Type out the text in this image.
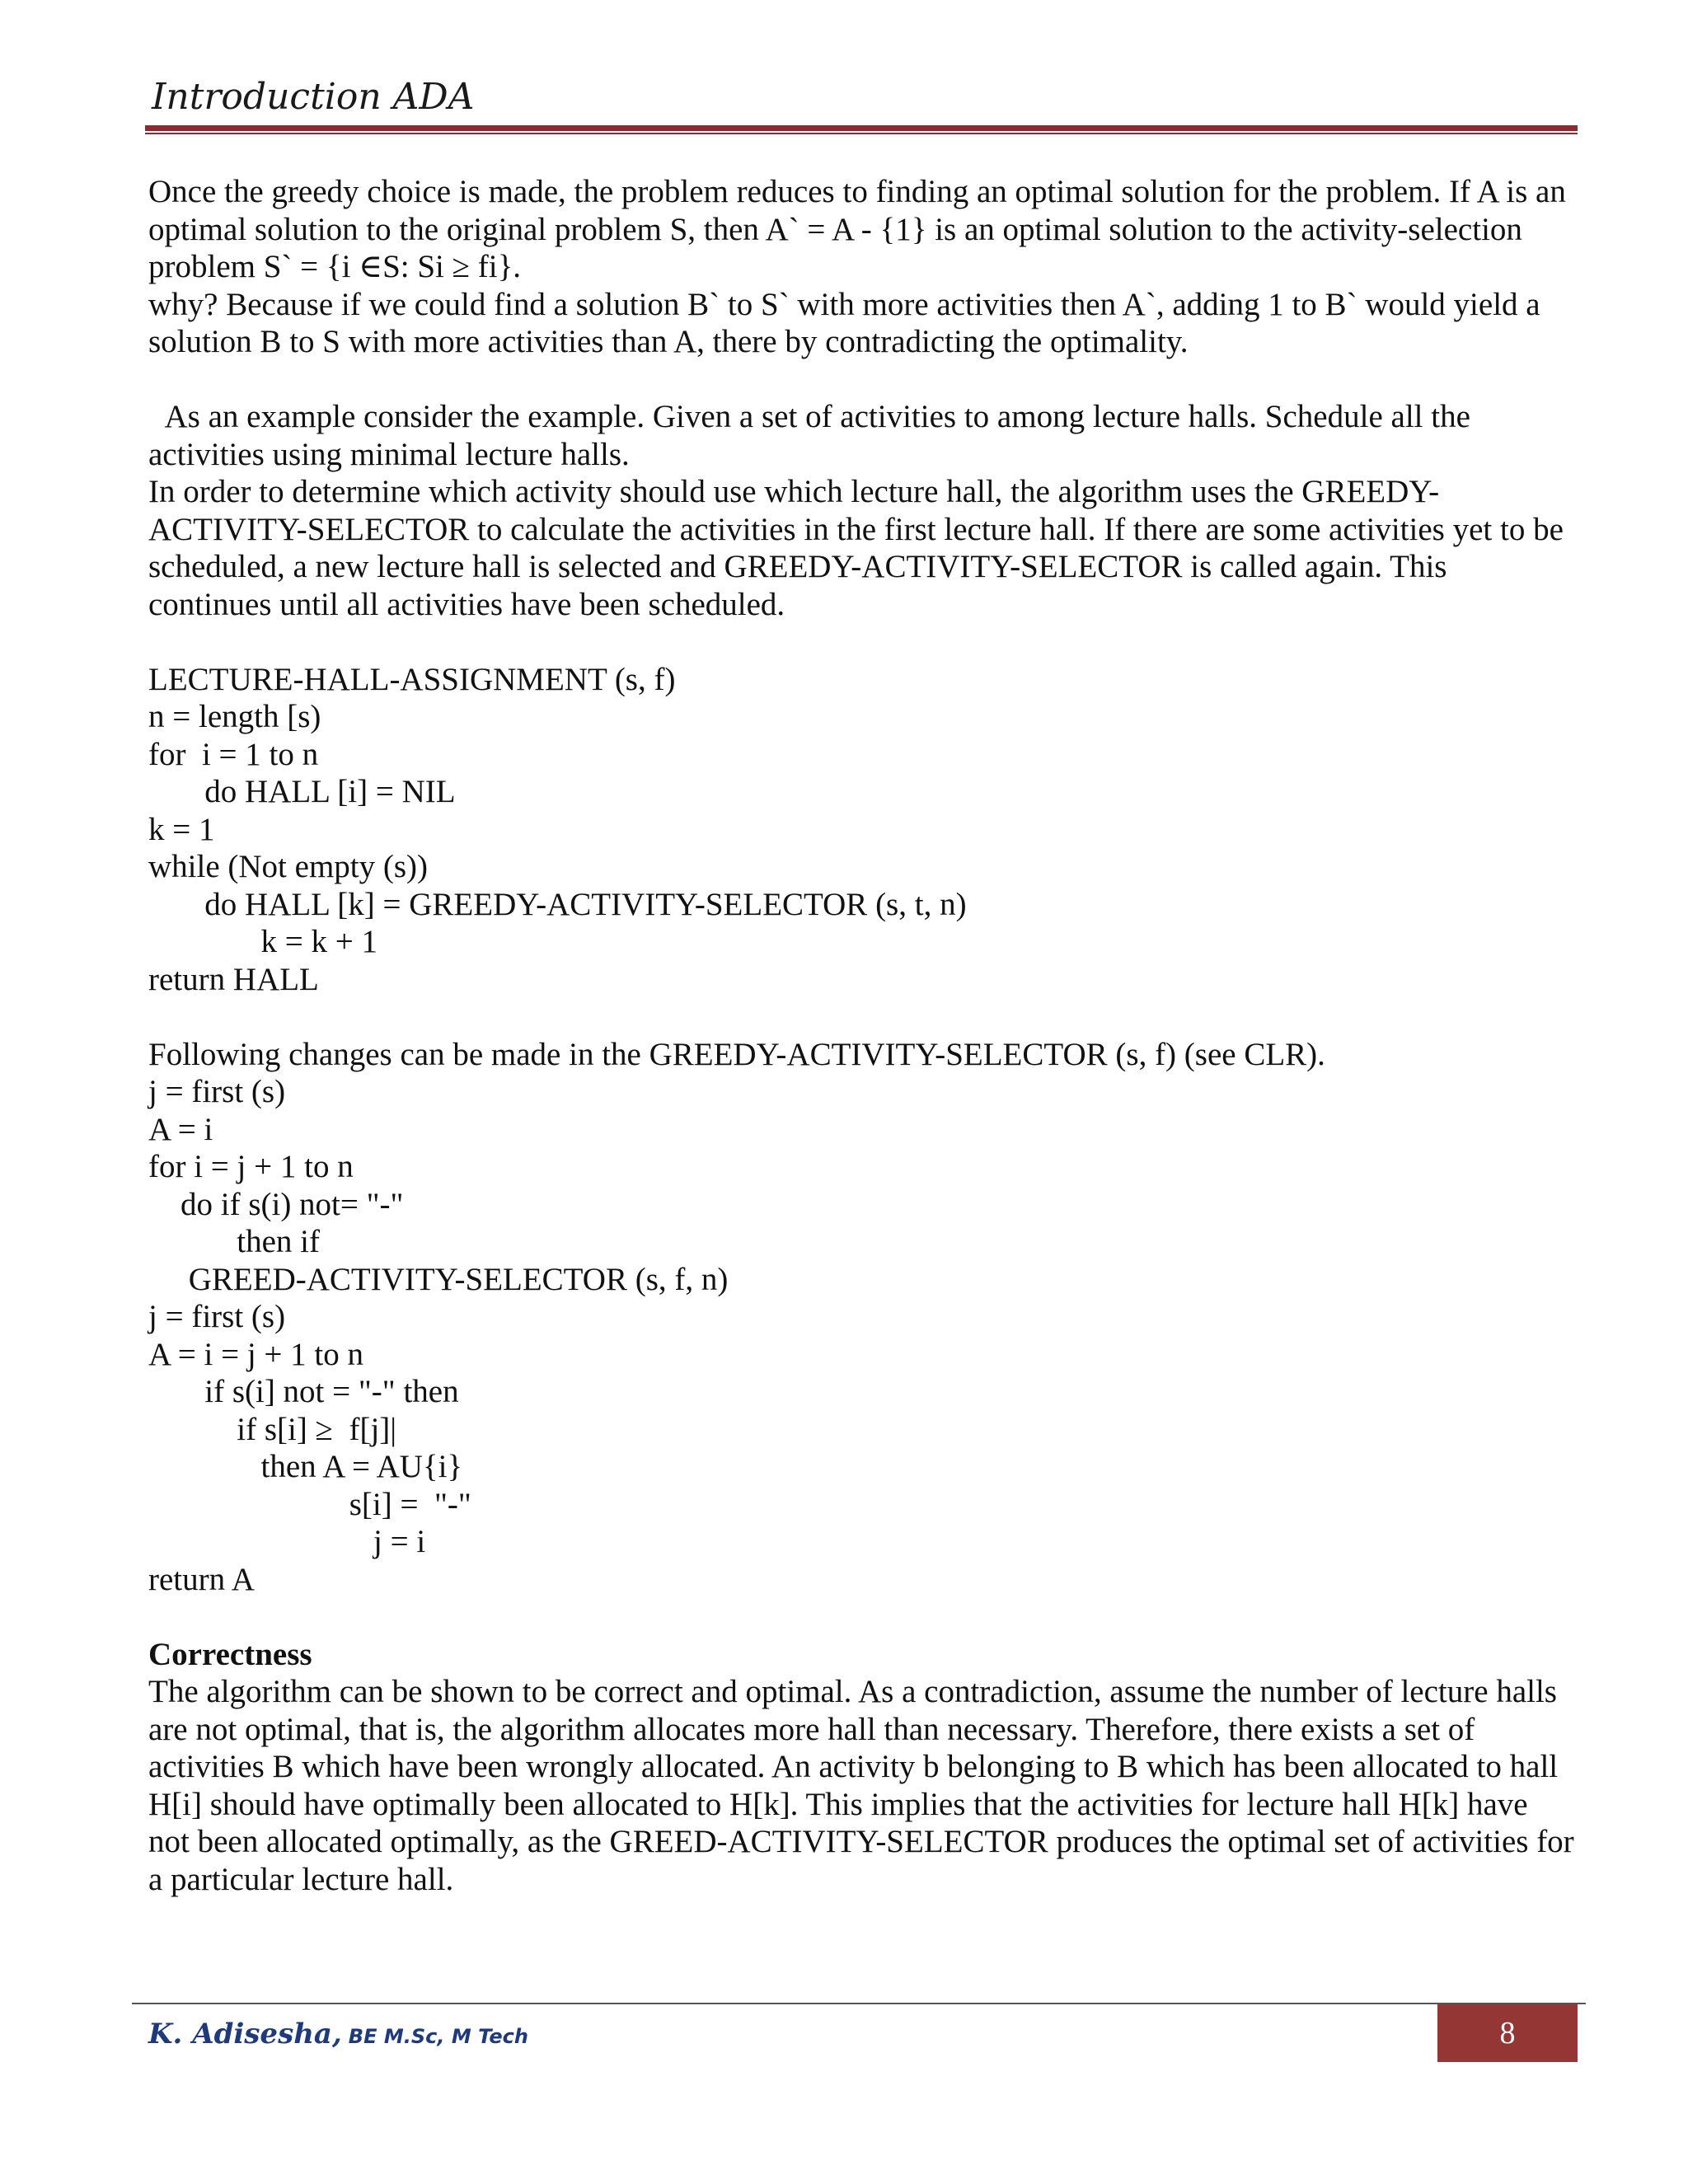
Introduction ADA

Once the greedy choice is made, the problem reduces to finding an optimal solution for the problem. If A is an optimal solution to the original problem S, then A` = A - {1} is an optimal solution to the activity-selection problem S` = {i ∈S: Si ≥ fi}.

why? Because if we could find a solution B` to S` with more activities then A`, adding 1 to B` would yield a solution B to S with more activities than A, there by contradicting the optimality.

As an example consider the example. Given a set of activities to among lecture halls. Schedule all the activities using minimal lecture halls.

In order to determine which activity should use which lecture hall, the algorithm uses the GREEDY-ACTIVITY-SELECTOR to calculate the activities in the first lecture hall. If there are some activities yet to be scheduled, a new lecture hall is selected and GREEDY-ACTIVITY-SELECTOR is called again. This continues until all activities have been scheduled.

LECTURE-HALL-ASSIGNMENT (s, f)
n = length [s)
for  i = 1 to n
do HALL [i] = NIL
k = 1
while (Not empty (s))
do HALL [k] = GREEDY-ACTIVITY-SELECTOR (s, t, n)
k = k + 1
return HALL

Following changes can be made in the GREEDY-ACTIVITY-SELECTOR (s, f) (see CLR).

j = first (s)
A = i
for i = j + 1 to n
do if s(i) not= "-"
then if
GREED-ACTIVITY-SELECTOR (s, f, n)
j = first (s)
A = i = j + 1 to n
if s(i] not = "-" then
if s[i] ≥  f[j]|
then A = AU{i}
s[i] =  "-"
j = i
return A

Correctness

The algorithm can be shown to be correct and optimal. As a contradiction, assume the number of lecture halls are not optimal, that is, the algorithm allocates more hall than necessary. Therefore, there exists a set of activities B which have been wrongly allocated. An activity b belonging to B which has been allocated to hall H[i] should have optimally been allocated to H[k]. This implies that the activities for lecture hall H[k] have not been allocated optimally, as the GREED-ACTIVITY-SELECTOR produces the optimal set of activities for a particular lecture hall.

K. Adisesha, BE M.Sc, M Tech	8
